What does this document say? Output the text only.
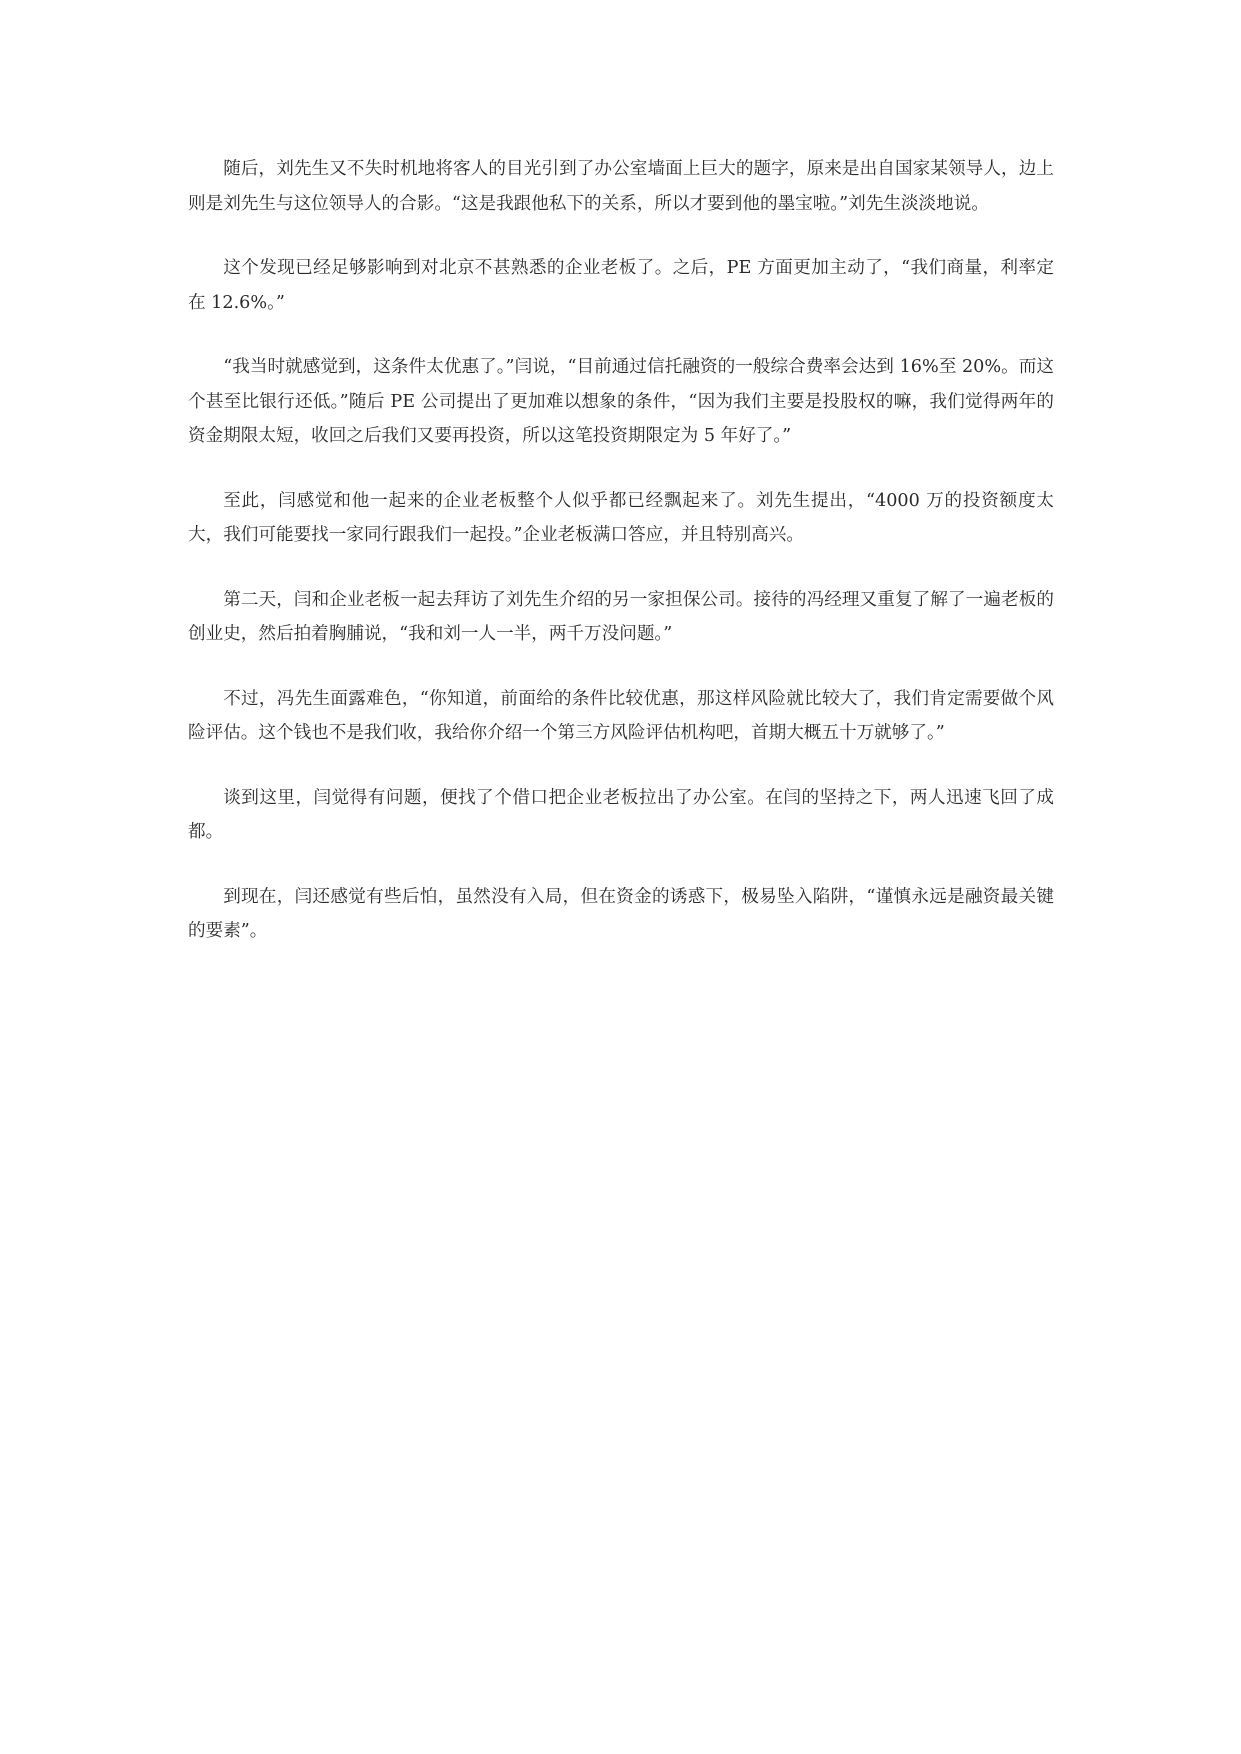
随后，刘先生又不失时机地将客人的目光引到了办公室墙面上巨大的题字，原来是出自国家某领导人，边上则是刘先生与这位领导人的合影。“这是我跟他私下的关系，所以才要到他的墨宝啦。”刘先生淡淡地说。

这个发现已经足够影响到对北京不甚熟悉的企业老板了。之后，PE 方面更加主动了，“我们商量，利率定在 12.6%。”

“我当时就感觉到，这条件太优惠了。”闫说，“目前通过信托融资的一般综合费率会达到 16%至 20%。而这个甚至比银行还低。”随后 PE 公司提出了更加难以想象的条件，“因为我们主要是投股权的嘛，我们觉得两年的资金期限太短，收回之后我们又要再投资，所以这笔投资期限定为 5 年好了。”

至此，闫感觉和他一起来的企业老板整个人似乎都已经飘起来了。刘先生提出，“4000 万的投资额度太大，我们可能要找一家同行跟我们一起投。”企业老板满口答应，并且特别高兴。

第二天，闫和企业老板一起去拜访了刘先生介绍的另一家担保公司。接待的冯经理又重复了解了一遍老板的创业史，然后拍着胸脯说，“我和刘一人一半，两千万没问题。”

不过，冯先生面露难色，“你知道，前面给的条件比较优惠，那这样风险就比较大了，我们肯定需要做个风险评估。这个钱也不是我们收，我给你介绍一个第三方风险评估机构吧，首期大概五十万就够了。”

谈到这里，闫觉得有问题，便找了个借口把企业老板拉出了办公室。在闫的坚持之下，两人迅速飞回了成都。

到现在，闫还感觉有些后怕，虽然没有入局，但在资金的诱惑下，极易坠入陷阱，“谨慎永远是融资最关键的要素”。
